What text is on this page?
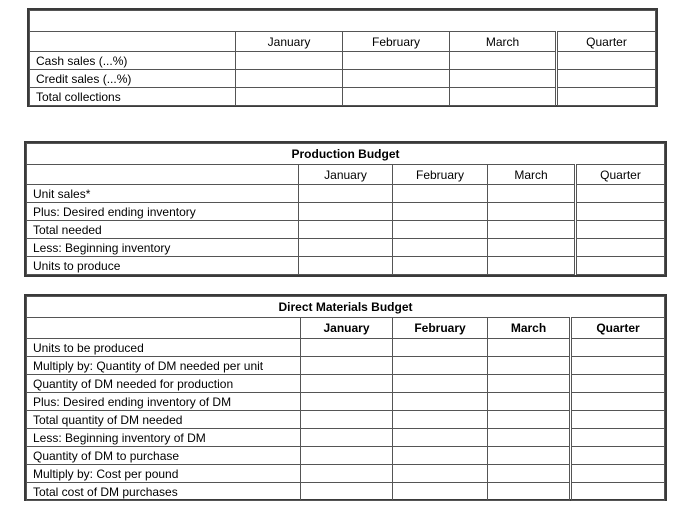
	January	February	March	Quarter
Cash sales (...%)				
Credit sales (...%)				
Total collections				
Production Budget				
	January	February	March	Quarter
Unit sales*				
Plus: Desired ending inventory				
Total needed				
Less: Beginning inventory				
Units to produce				
Direct Materials Budget				
	January	February	March	Quarter
Units to be produced				
Multiply by: Quantity of DM needed per unit				
Quantity of DM needed for production				
Plus: Desired ending inventory of DM				
Total quantity of DM needed				
Less: Beginning inventory of DM				
Quantity of DM to purchase				
Multiply by: Cost per pound				
Total cost of DM purchases				
